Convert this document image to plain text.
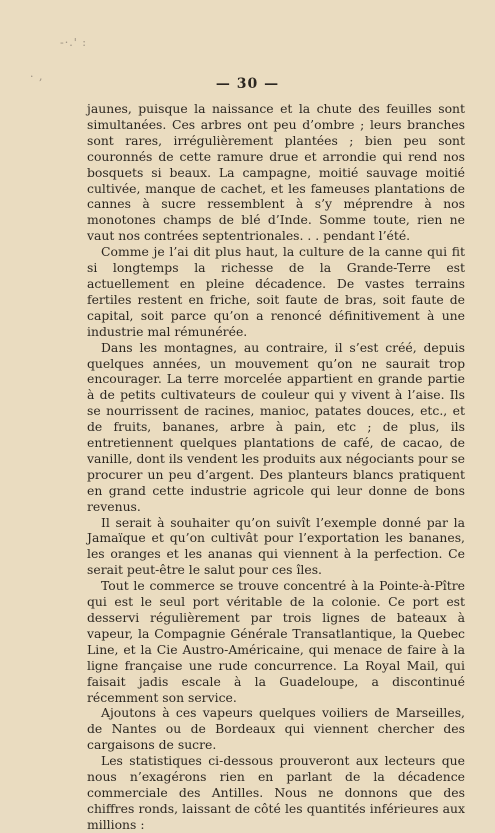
-·.' :
· ,	— 30 —

jaunes, puisque la naissance et la chute des feuilles sont simultanées. Ces arbres ont peu d’ombre ; leurs branches sont rares, irrégulièrement plantées ; bien peu sont couronnés de cette ramure drue et arrondie qui rend nos bosquets si beaux. La campagne, moitié sauvage moitié cultivée, manque de cachet, et les fameuses plantations de cannes à sucre ressemblent à s’y méprendre à nos monotones champs de blé d’Inde. Somme toute, rien ne vaut nos contrées septentrionales. . . pendant l’été.

Comme je l’ai dit plus haut, la culture de la canne qui fit si longtemps la richesse de la Grande-Terre est actuellement en pleine décadence. De vastes terrains fertiles restent en friche, soit faute de bras, soit faute de capital, soit parce qu’on a renoncé définitivement à une industrie mal rémunérée.

Dans les montagnes, au contraire, il s’est créé, depuis quelques années, un mouvement qu’on ne saurait trop encourager. La terre morcelée appartient en grande partie à de petits cultivateurs de couleur qui y vivent à l’aise. Ils se nourrissent de racines, manioc, patates douces, etc., et de fruits, bananes, arbre à pain, etc ; de plus, ils entretiennent quelques plantations de café, de cacao, de vanille, dont ils vendent les produits aux négociants pour se procurer un peu d’argent. Des planteurs blancs pratiquent en grand cette industrie agricole qui leur donne de bons revenus.

Il serait à souhaiter qu’on suivît l’exemple donné par la Jamaïque et qu’on cultivât pour l’exportation les bananes, les oranges et les ananas qui viennent à la perfection. Ce serait peut-être le salut pour ces îles.

Tout le commerce se trouve concentré à la Pointe-à-Pître qui est le seul port véritable de la colonie. Ce port est desservi régulièrement par trois lignes de bateaux à vapeur, la Compagnie Générale Transatlantique, la Quebec Line, et la Cie Austro-Américaine, qui menace de faire à la ligne française une rude concurrence. La Royal Mail, qui faisait jadis escale à la Guadeloupe, a discontinué récemment son service.

Ajoutons à ces vapeurs quelques voiliers de Marseilles, de Nantes ou de Bordeaux qui viennent chercher des cargaisons de sucre.

Les statistiques ci-dessous prouveront aux lecteurs que nous n’exagérons rien en parlant de la décadence commerciale des Antilles. Nous ne donnons que des chiffres ronds, laissant de côté les quantités inférieures aux millions :
